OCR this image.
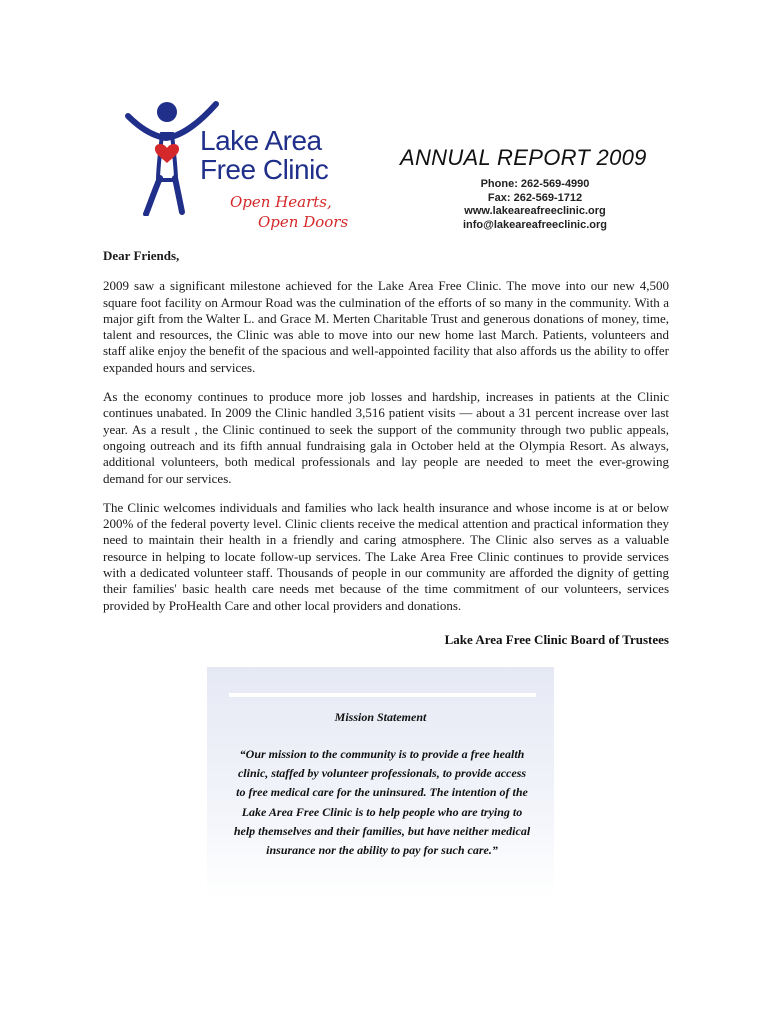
Lake Area
Free Clinic
Open Hearts,
Open Doors
ANNUAL REPORT 2009
Phone: 262-569-4990
Fax: 262-569-1712
www.lakeareafreeclinic.org
info@lakeareafreeclinic.org

Dear Friends,

2009 saw a significant milestone achieved for the Lake Area Free Clinic. The move into our new 4,500 square foot facility on Armour Road was the culmination of the efforts of so many in the community. With a major gift from the Walter L. and Grace M. Merten Charitable Trust and generous donations of money, time, talent and resources, the Clinic was able to move into our new home last March. Patients, volunteers and staff alike enjoy the benefit of the spacious and well-appointed facility that also affords us the ability to offer expanded hours and services.

As the economy continues to produce more job losses and hardship, increases in patients at the Clinic continues unabated. In 2009 the Clinic handled 3,516 patient visits — about a 31 percent increase over last year. As a result , the Clinic continued to seek the support of the community through two public appeals, ongoing outreach and its fifth annual fundraising gala in October held at the Olympia Resort. As always, additional volunteers, both medical professionals and lay people are needed to meet the ever-growing demand for our services.

The Clinic welcomes individuals and families who lack health insurance and whose income is at or below 200% of the federal poverty level. Clinic clients receive the medical attention and practical information they need to maintain their health in a friendly and caring atmosphere. The Clinic also serves as a valuable resource in helping to locate follow-up services. The Lake Area Free Clinic continues to provide services with a dedicated volunteer staff. Thousands of people in our community are afforded the dignity of getting their families' basic health care needs met because of the time commitment of our volunteers, services provided by ProHealth Care and other local providers and donations.

Lake Area Free Clinic Board of Trustees
Mission Statement
“Our mission to the community is to provide a free health clinic, staffed by volunteer professionals, to provide access to free medical care for the uninsured. The intention of the Lake Area Free Clinic is to help people who are trying to help themselves and their families, but have neither medical insurance nor the ability to pay for such care.”
